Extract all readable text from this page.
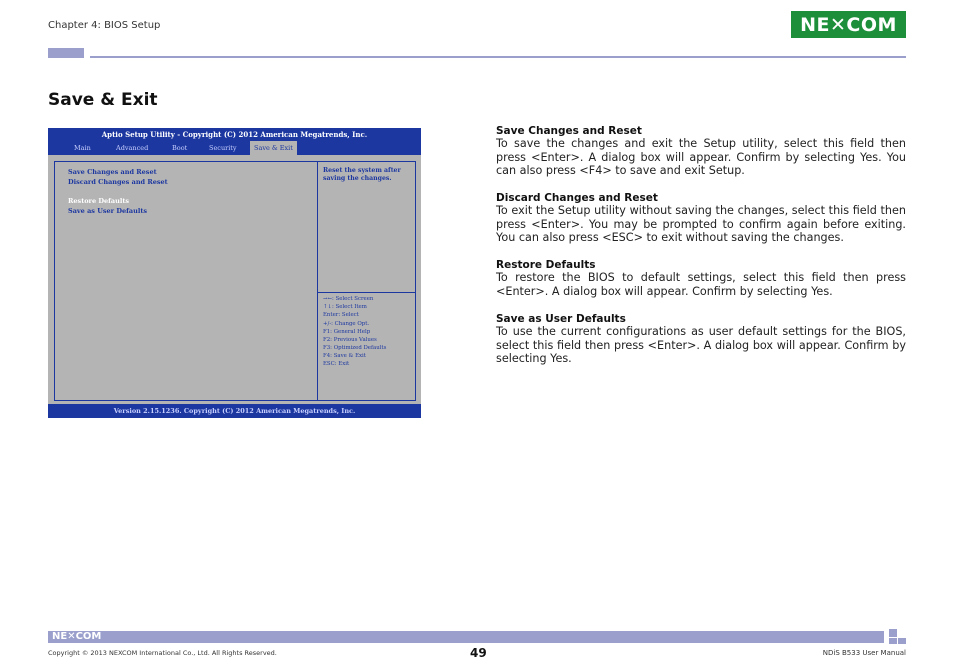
Chapter 4: BIOS Setup	NE✕COM
Save & Exit
Aptio Setup Utility - Copyright (C) 2012 American Megatrends, Inc.
Main	Advanced	Boot	Security	Save & Exit
Save Changes and Reset
Discard Changes and Reset
Restore Defaults
Save as User Defaults
Reset the system after saving the changes.
→←: Select Screen
↑↓: Select Item
Enter: Select
+/-: Change Opt.
F1: General Help
F2: Previous Values
F3: Optimized Defaults
F4: Save & Exit
ESC: Exit
Version 2.15.1236. Copyright (C) 2012 American Megatrends, Inc.
Save Changes and Reset
To save the changes and exit the Setup utility, select this field then press <Enter>. A dialog box will appear. Confirm by selecting Yes. You can also press <F4> to save and exit Setup.
Discard Changes and Reset
To exit the Setup utility without saving the changes, select this field then press <Enter>. You may be prompted to confirm again before exiting. You can also press <ESC> to exit without saving the changes.
Restore Defaults
To restore the BIOS to default settings, select this field then press <Enter>. A dialog box will appear. Confirm by selecting Yes.
Save as User Defaults
To use the current configurations as user default settings for the BIOS, select this field then press <Enter>. A dialog box will appear. Confirm by selecting Yes.
NE✕COM
Copyright © 2013 NEXCOM International Co., Ltd. All Rights Reserved.	49	NDiS B533 User Manual
